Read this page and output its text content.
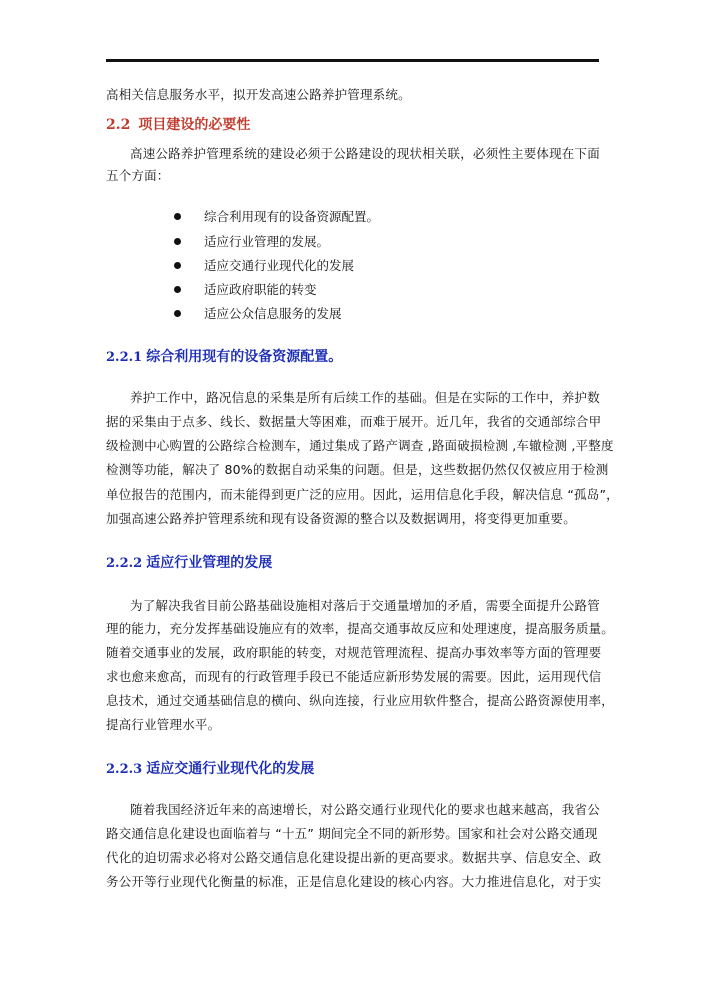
高相关信息服务水平，拟开发高速公路养护管理系统。
2.2 项目建设的必要性
高速公路养护管理系统的建设必须于公路建设的现状相关联，必须性主要体现在下面
五个方面：
综合利用现有的设备资源配置。
适应行业管理的发展。
适应交通行业现代化的发展
适应政府职能的转变
适应公众信息服务的发展
2.2.1 综合利用现有的设备资源配置。
养护工作中，路况信息的采集是所有后续工作的基础。但是在实际的工作中，养护数
据的采集由于点多、线长、数据量大等困难，而难于展开。近几年，我省的交通部综合甲
级检测中心购置的公路综合检测车，通过集成了路产调查 ,路面破损检测 ,车辙检测 ,平整度
检测等功能，解决了 80%的数据自动采集的问题。但是，这些数据仍然仅仅被应用于检测
单位报告的范围内，而未能得到更广泛的应用。因此，运用信息化手段，解决信息 “孤岛”，
加强高速公路养护管理系统和现有设备资源的整合以及数据调用，将变得更加重要。
2.2.2 适应行业管理的发展
为了解决我省目前公路基础设施相对落后于交通量增加的矛盾，需要全面提升公路管
理的能力，充分发挥基础设施应有的效率，提高交通事故反应和处理速度，提高服务质量。
随着交通事业的发展，政府职能的转变，对规范管理流程、提高办事效率等方面的管理要
求也愈来愈高，而现有的行政管理手段已不能适应新形势发展的需要。因此，运用现代信
息技术，通过交通基础信息的横向、纵向连接，行业应用软件整合，提高公路资源使用率，
提高行业管理水平。
2.2.3 适应交通行业现代化的发展
随着我国经济近年来的高速增长，对公路交通行业现代化的要求也越来越高，我省公
路交通信息化建设也面临着与 “十五” 期间完全不同的新形势。国家和社会对公路交通现
代化的迫切需求必将对公路交通信息化建设提出新的更高要求。数据共享、信息安全、政
务公开等行业现代化衡量的标准，正是信息化建设的核心内容。大力推进信息化，对于实
